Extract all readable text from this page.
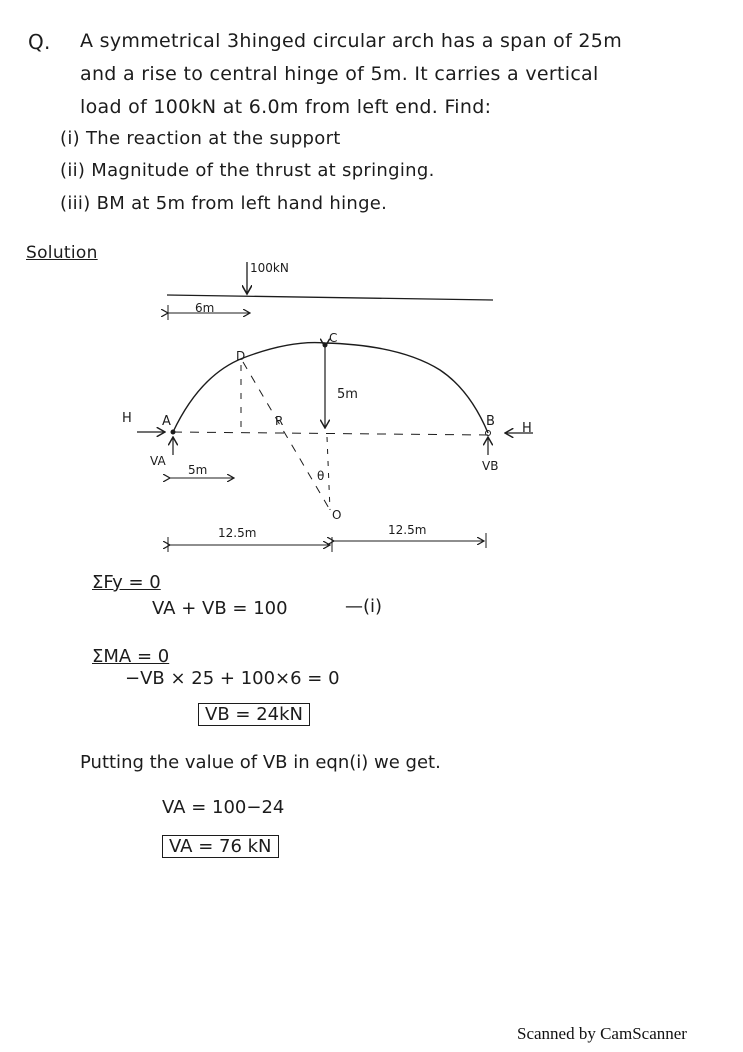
Q. A symmetrical 3hinged circular arch has a span of 25m
and a rise to central hinge of 5m. It carries a vertical
load of 100kN at 6.0m from left end. Find:
(i) The reaction at the support
(ii) Magnitude of the thrust at springing.
(iii) BM at 5m from left hand hinge.
Solution
100kN
6m
5m
C
D
A	B
O
R
θ
H
H
VA	VB
5m
12.5m	12.5m
ΣFy = 0
VA + VB = 100	—(i)
ΣMA = 0
−VB × 25 + 100×6 = 0
VB = 24kN
Putting the value of VB in eqn(i) we get.
VA = 100−24
VA = 76 kN
Scanned by CamScanner
